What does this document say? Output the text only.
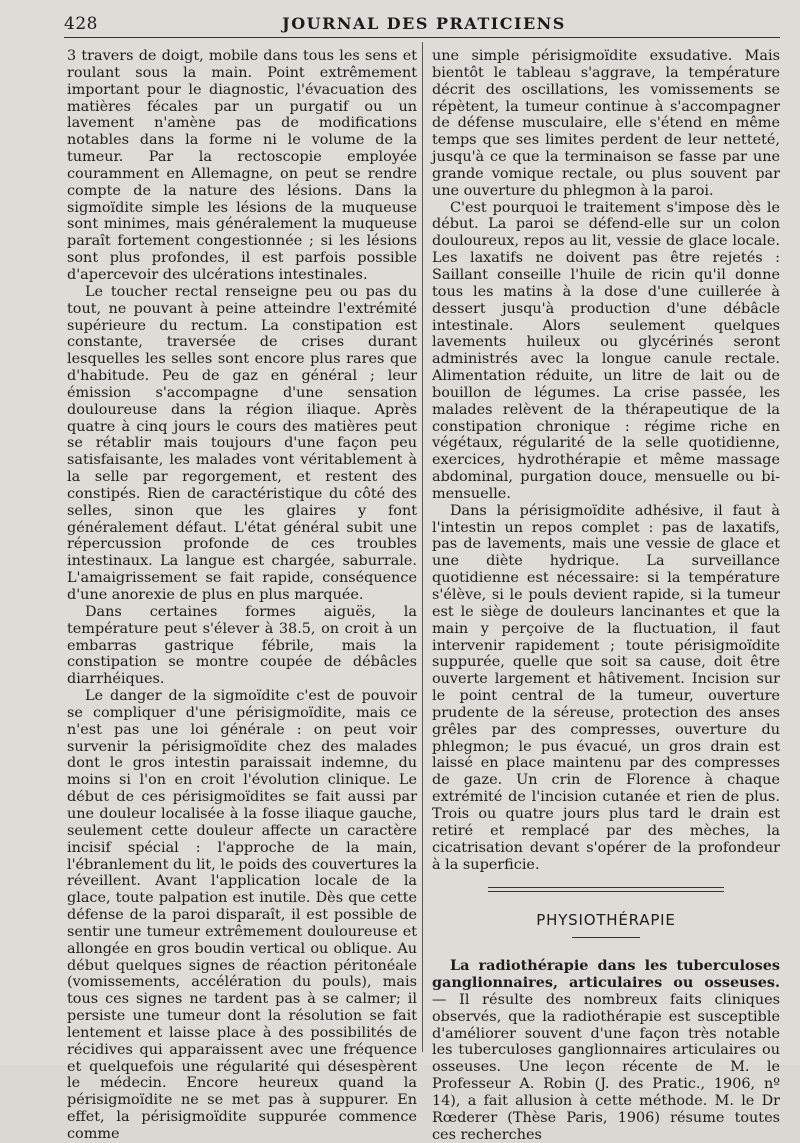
428	JOURNAL DES PRATICIENS

3 travers de doigt, mobile dans tous les sens et roulant sous la main. Point extrêmement important pour le diagnostic, l'évacuation des matières fécales par un purgatif ou un lavement n'amène pas de modifications notables dans la forme ni le volume de la tumeur. Par la rectoscopie employée couramment en Allemagne, on peut se rendre compte de la nature des lésions. Dans la sigmoïdite simple les lésions de la muqueuse sont minimes, mais généralement la muqueuse paraît fortement congestionnée ; si les lésions sont plus profondes, il est parfois possible d'apercevoir des ulcérations intestinales.

Le toucher rectal renseigne peu ou pas du tout, ne pouvant à peine atteindre l'extrémité supérieure du rectum. La constipation est constante, traversée de crises durant lesquelles les selles sont encore plus rares que d'habitude. Peu de gaz en général ; leur émission s'accompagne d'une sensation douloureuse dans la région iliaque. Après quatre à cinq jours le cours des matières peut se rétablir mais toujours d'une façon peu satisfaisante, les malades vont véritablement à la selle par regorgement, et restent des constipés. Rien de caractéristique du côté des selles, sinon que les glaires y font généralement défaut. L'état général subit une répercussion profonde de ces troubles intestinaux. La langue est chargée, saburrale. L'amaigrissement se fait rapide, conséquence d'une anorexie de plus en plus marquée.

Dans certaines formes aiguës, la température peut s'élever à 38.5, on croit à un embarras gastrique fébrile, mais la constipation se montre coupée de débâcles diarrhéiques.

Le danger de la sigmoïdite c'est de pouvoir se compliquer d'une périsigmoïdite, mais ce n'est pas une loi générale : on peut voir survenir la périsigmoïdite chez des malades dont le gros intestin paraissait indemne, du moins si l'on en croit l'évolution clinique. Le début de ces périsigmoïdites se fait aussi par une douleur localisée à la fosse iliaque gauche, seulement cette douleur affecte un caractère incisif spécial : l'approche de la main, l'ébranlement du lit, le poids des couvertures la réveillent. Avant l'application locale de la glace, toute palpation est inutile. Dès que cette défense de la paroi disparaît, il est possible de sentir une tumeur extrêmement douloureuse et allongée en gros boudin vertical ou oblique. Au début quelques signes de réaction péritonéale (vomissements, accélération du pouls), mais tous ces signes ne tardent pas à se calmer; il persiste une tumeur dont la résolution se fait lentement et laisse place à des possibilités de récidives qui apparaissent avec une fréquence et quelquefois une régularité qui désespèrent le médecin. Encore heureux quand la périsigmoïdite ne se met pas à suppurer. En effet, la périsigmoïdite suppurée commence comme

une simple périsigmoïdite exsudative. Mais bientôt le tableau s'aggrave, la température décrit des oscillations, les vomissements se répètent, la tumeur continue à s'accompagner de défense musculaire, elle s'étend en même temps que ses limites perdent de leur netteté, jusqu'à ce que la terminaison se fasse par une grande vomique rectale, ou plus souvent par une ouverture du phlegmon à la paroi.

C'est pourquoi le traitement s'impose dès le début. La paroi se défend-elle sur un colon douloureux, repos au lit, vessie de glace locale. Les laxatifs ne doivent pas être rejetés : Saillant conseille l'huile de ricin qu'il donne tous les matins à la dose d'une cuillerée à dessert jusqu'à production d'une débâcle intestinale. Alors seulement quelques lavements huileux ou glycérinés seront administrés avec la longue canule rectale. Alimentation réduite, un litre de lait ou de bouillon de légumes. La crise passée, les malades relèvent de la thérapeutique de la constipation chronique : régime riche en végétaux, régularité de la selle quotidienne, exercices, hydrothérapie et même massage abdominal, purgation douce, mensuelle ou bi-mensuelle.

Dans la périsigmoïdite adhésive, il faut à l'intestin un repos complet : pas de laxatifs, pas de lavements, mais une vessie de glace et une diète hydrique. La surveillance quotidienne est nécessaire: si la température s'élève, si le pouls devient rapide, si la tumeur est le siège de douleurs lancinantes et que la main y perçoive de la fluctuation, il faut intervenir rapidement ; toute périsigmoïdite suppurée, quelle que soit sa cause, doit être ouverte largement et hâtivement. Incision sur le point central de la tumeur, ouverture prudente de la séreuse, protection des anses grêles par des compresses, ouverture du phlegmon; le pus évacué, un gros drain est laissé en place maintenu par des compresses de gaze. Un crin de Florence à chaque extrémité de l'incision cutanée et rien de plus. Trois ou quatre jours plus tard le drain est retiré et remplacé par des mèches, la cicatrisation devant s'opérer de la profondeur à la superficie.

PHYSIOTHÉRAPIE

La radiothérapie dans les tuberculoses ganglionnaires, articulaires ou osseuses. — Il résulte des nombreux faits cliniques observés, que la radiothérapie est susceptible d'améliorer souvent d'une façon très notable les tuberculoses ganglionnaires articulaires ou osseuses. Une leçon récente de M. le Professeur A. Robin (J. des Pratic., 1906, nº 14), a fait allusion à cette méthode. M. le Dr Rœderer (Thèse Paris, 1906) résume toutes ces recherches
